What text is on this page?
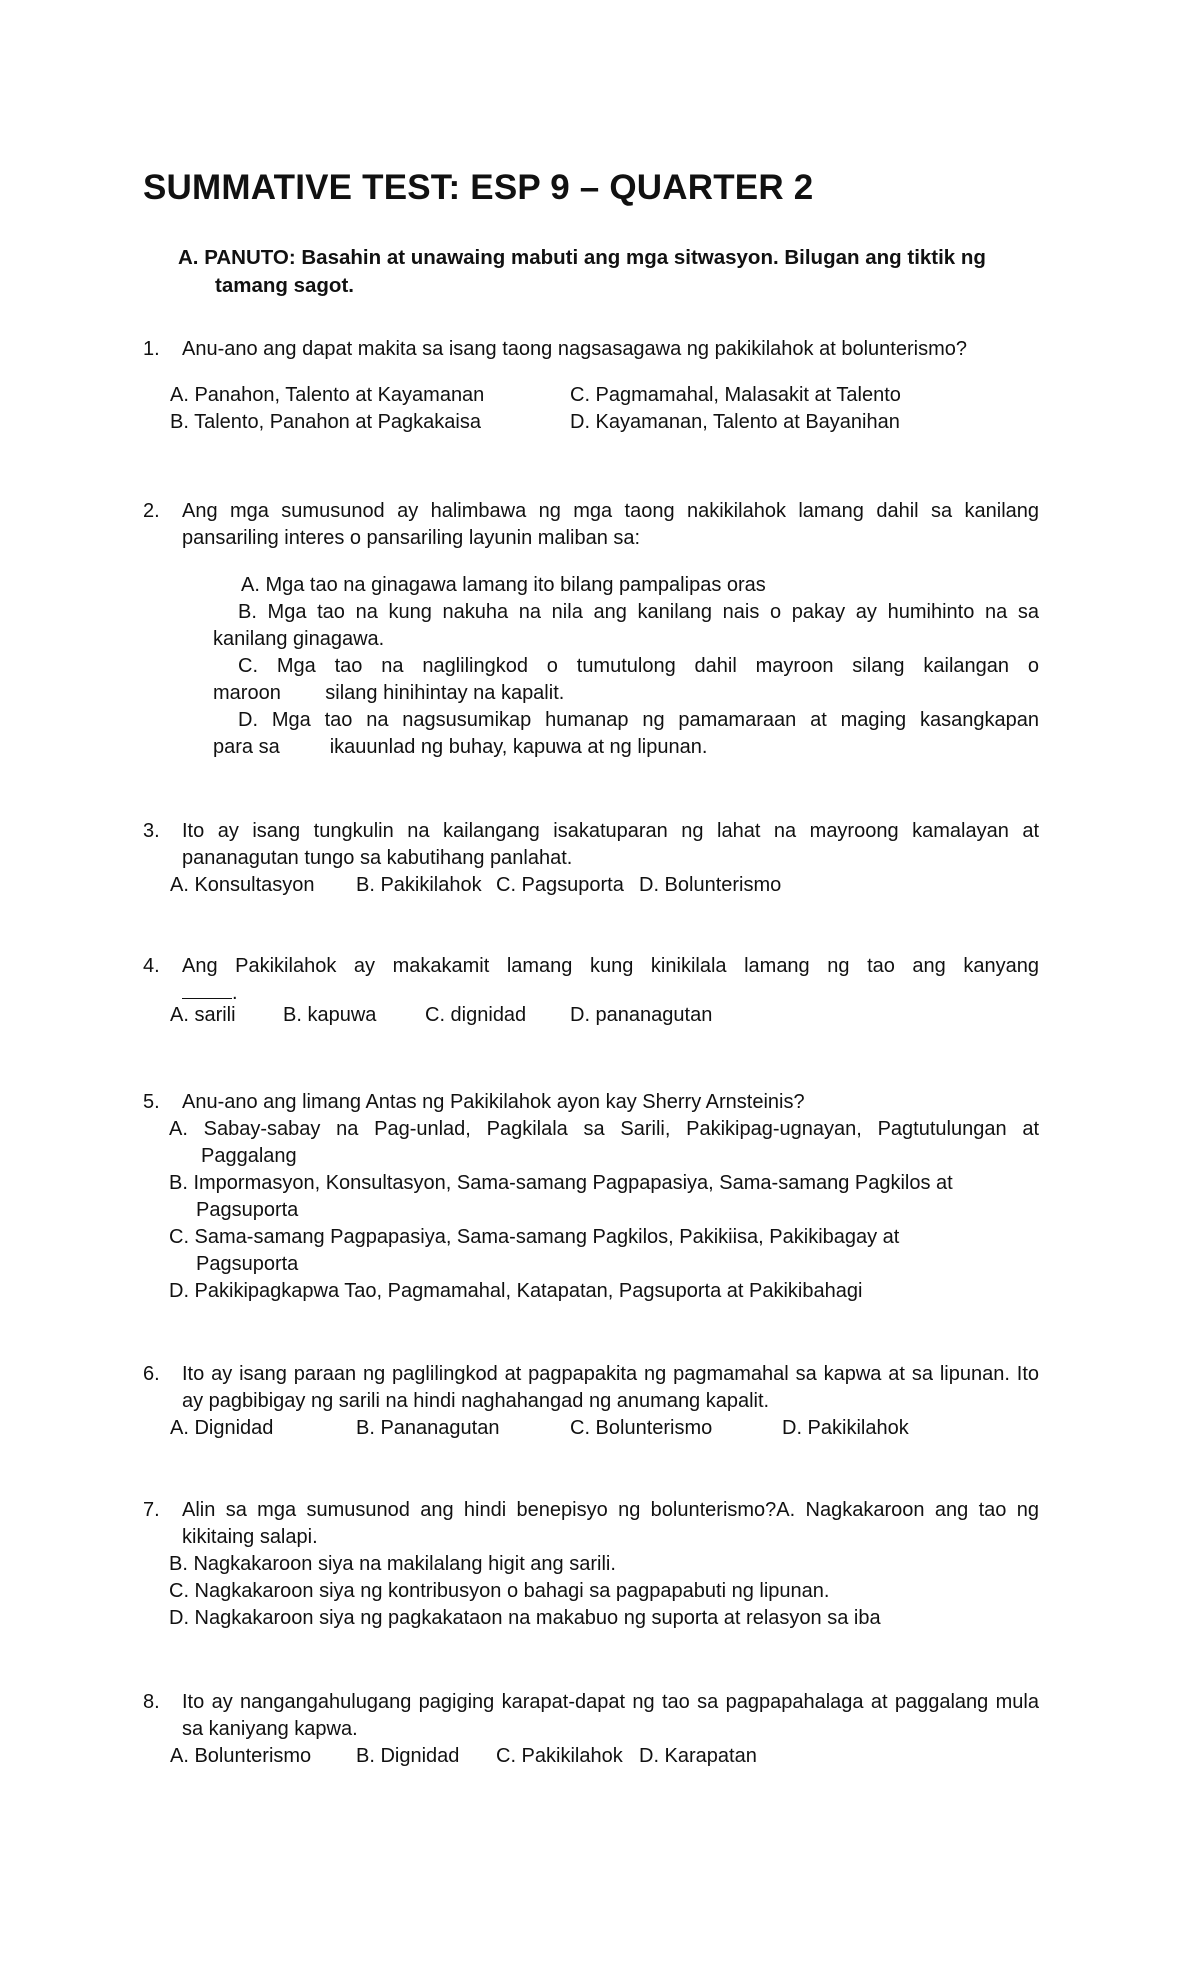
SUMMATIVE TEST: ESP 9 – QUARTER 2
A. PANUTO: Basahin at unawaing mabuti ang mga sitwasyon. Bilugan ang tiktik ng
tamang sagot.
1. Anu-ano ang dapat makita sa isang taong nagsasagawa ng pakikilahok at bolunterismo?
A. Panahon, Talento at Kayamanan	C. Pagmamahal, Malasakit at Talento
B. Talento, Panahon at Pagkakaisa	D. Kayamanan, Talento at Bayanihan
2. Ang mga sumusunod ay halimbawa ng mga taong nakikilahok lamang dahil sa kanilang pansariling interes o pansariling layunin maliban sa:
A. Mga tao na ginagawa lamang ito bilang pampalipas oras
B. Mga tao na kung nakuha na nila ang kanilang nais o pakay ay humihinto na sa
kanilang ginagawa.
C. Mga tao na naglilingkod o tumutulong dahil mayroon silang kailangan o
maroon        silang hinihintay na kapalit.
D. Mga tao na nagsusumikap humanap ng pamamaraan at maging kasangkapan
para sa         ikauunlad ng buhay, kapuwa at ng lipunan.
3. Ito ay isang tungkulin na kailangang isakatuparan ng lahat na mayroong kamalayan at pananagutan tungo sa kabutihang panlahat.
A. Konsultasyon B. Pakikilahok C. Pagsuporta D. Bolunterismo
4. Ang Pakikilahok ay makakamit lamang kung kinikilala lamang ng tao ang kanyang
.
A. sarili B. kapuwa C. dignidad D. pananagutan
5. Anu-ano ang limang Antas ng Pakikilahok ayon kay Sherry Arnsteinis?
A. Sabay-sabay na Pag-unlad, Pagkilala sa Sarili, Pakikipag-ugnayan, Pagtutulungan at
Paggalang
B. Impormasyon, Konsultasyon, Sama-samang Pagpapasiya, Sama-samang Pagkilos at
Pagsuporta
C. Sama-samang Pagpapasiya, Sama-samang Pagkilos, Pakikiisa, Pakikibagay at
Pagsuporta
D. Pakikipagkapwa Tao, Pagmamahal, Katapatan, Pagsuporta at Pakikibahagi
6. Ito ay isang paraan ng paglilingkod at pagpapakita ng pagmamahal sa kapwa at sa lipunan. Ito ay pagbibigay ng sarili na hindi naghahangad ng anumang kapalit.
A. Dignidad	B. Pananagutan	C. Bolunterismo	D. Pakikilahok
7. Alin sa mga sumusunod ang hindi benepisyo ng bolunterismo?A. Nagkakaroon ang tao ng kikitaing salapi.
B. Nagkakaroon siya na makilalang higit ang sarili.
C. Nagkakaroon siya ng kontribusyon o bahagi sa pagpapabuti ng lipunan.
D. Nagkakaroon siya ng pagkakataon na makabuo ng suporta at relasyon sa iba
8. Ito ay nangangahulugang pagiging karapat-dapat ng tao sa pagpapahalaga at paggalang mula sa kaniyang kapwa.
A. Bolunterismo B. Dignidad C. Pakikilahok D. Karapatan
